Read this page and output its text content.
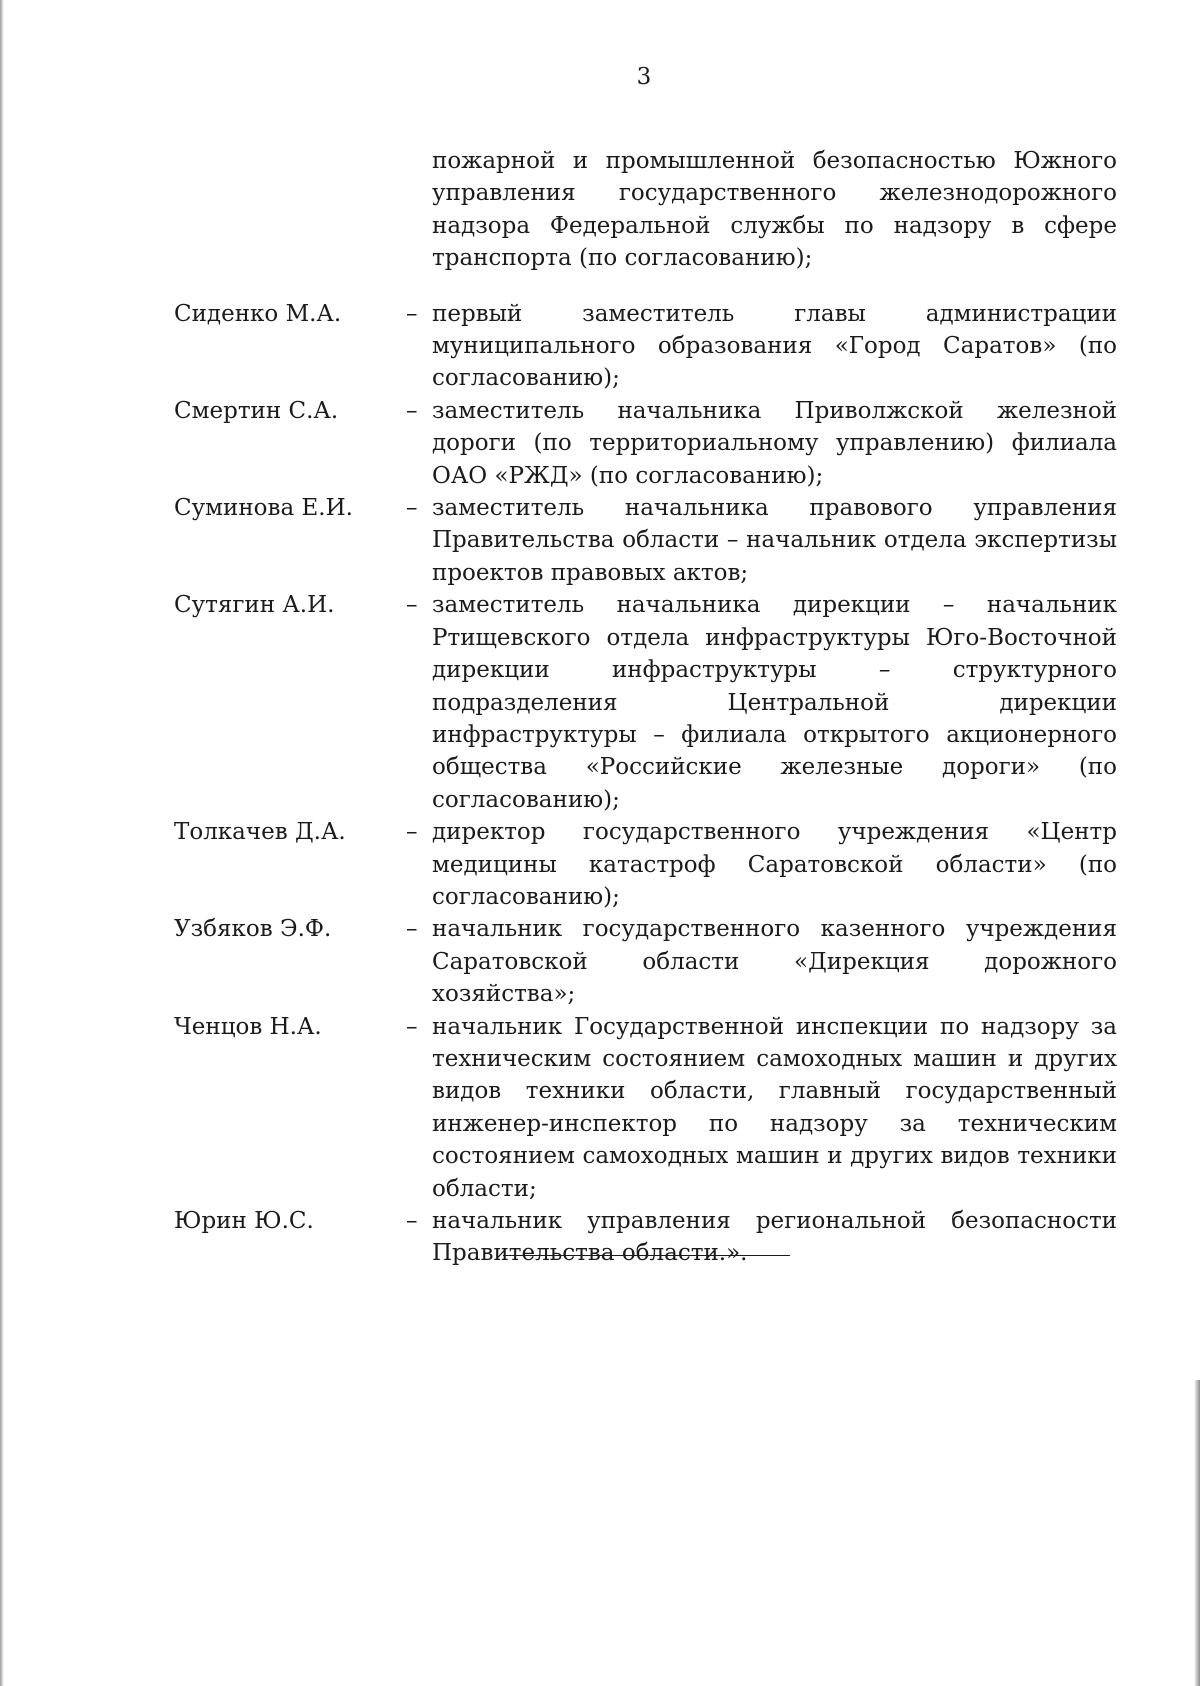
3

пожарной и промышленной безопасностью Южного управления государственного железнодорожного надзора Федеральной службы по надзору в сфере транспорта (по согласованию);

Сиденко М.А.	– первый заместитель главы администрации муниципального образования «Город Саратов» (по согласованию);
Смертин С.А.	– заместитель начальника Приволжской железной дороги (по территориальному управлению) филиала ОАО «РЖД» (по согласованию);
Суминова Е.И.	– заместитель начальника правового управления Правительства области – начальник отдела экспертизы проектов правовых актов;
Сутягин А.И.	– заместитель начальника дирекции – начальник Ртищевского отдела инфраструктуры Юго-Восточной дирекции инфраструктуры – структурного подразделения Центральной дирекции инфраструктуры – филиала открытого акционерного общества «Российские железные дороги» (по согласованию);
Толкачев Д.А.	– директор государственного учреждения «Центр медицины катастроф Саратовской области» (по согласованию);
Узбяков Э.Ф.	– начальник государственного казенного учреждения Саратовской области «Дирекция дорожного хозяйства»;
Ченцов Н.А.	– начальник Государственной инспекции по надзору за техническим состоянием самоходных машин и других видов техники области, главный государственный инженер-инспектор по надзору за техническим состоянием самоходных машин и других видов техники области;
Юрин Ю.С.	– начальник управления региональной безопасности Правительства области.».
